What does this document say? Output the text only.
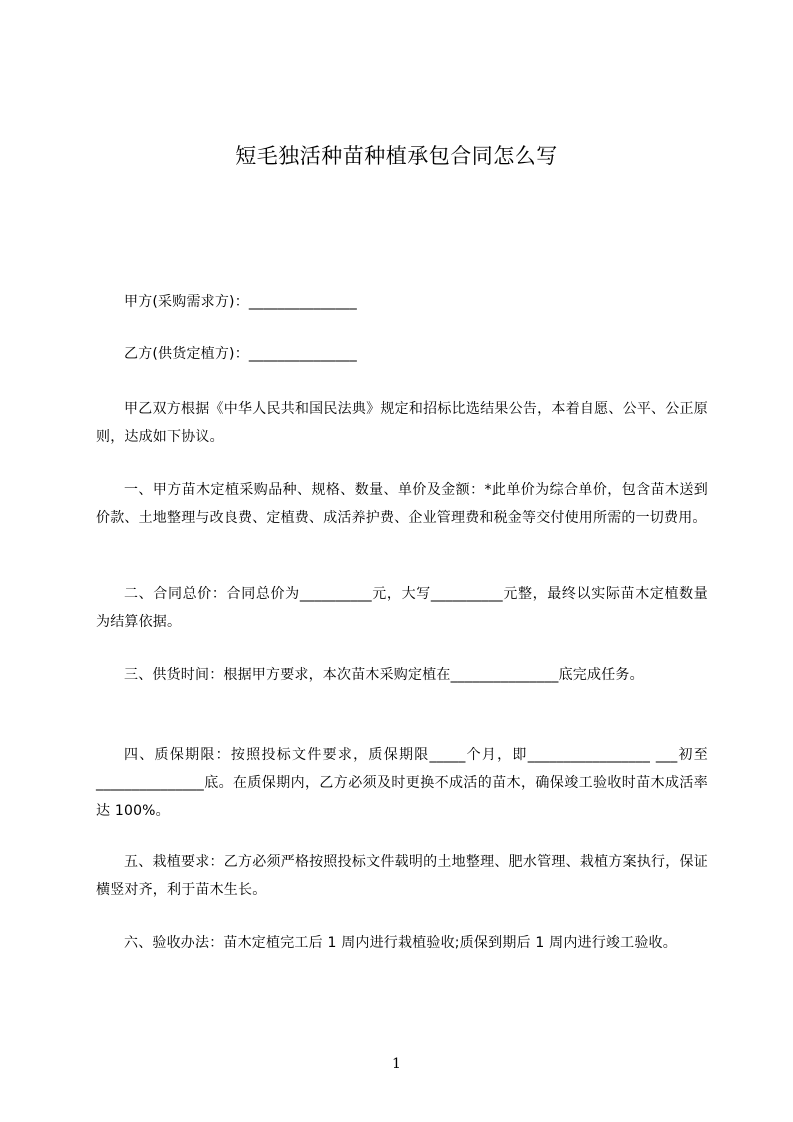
短毛独活种苗种植承包合同怎么写

甲方(采购需求方)：_______________

乙方(供货定植方)：_______________

甲乙双方根据《中华人民共和国民法典》规定和招标比选结果公告，本着自愿、公平、公正原则，达成如下协议。

一、甲方苗木定植采购品种、规格、数量、单价及金额：*此单价为综合单价，包含苗木送到价款、土地整理与改良费、定植费、成活养护费、企业管理费和税金等交付使用所需的一切费用。

二、合同总价：合同总价为__________元，大写__________元整，最终以实际苗木定植数量为结算依据。

三、供货时间：根据甲方要求，本次苗木采购定植在_______________底完成任务。

四、质保期限：按照投标文件要求，质保期限_____个月，即_________________ ___初至_______________底。在质保期内，乙方必须及时更换不成活的苗木，确保竣工验收时苗木成活率达 100%。

五、栽植要求：乙方必须严格按照投标文件载明的土地整理、肥水管理、栽植方案执行，保证横竖对齐，利于苗木生长。

六、验收办法：苗木定植完工后 1 周内进行栽植验收;质保到期后 1 周内进行竣工验收。

1
